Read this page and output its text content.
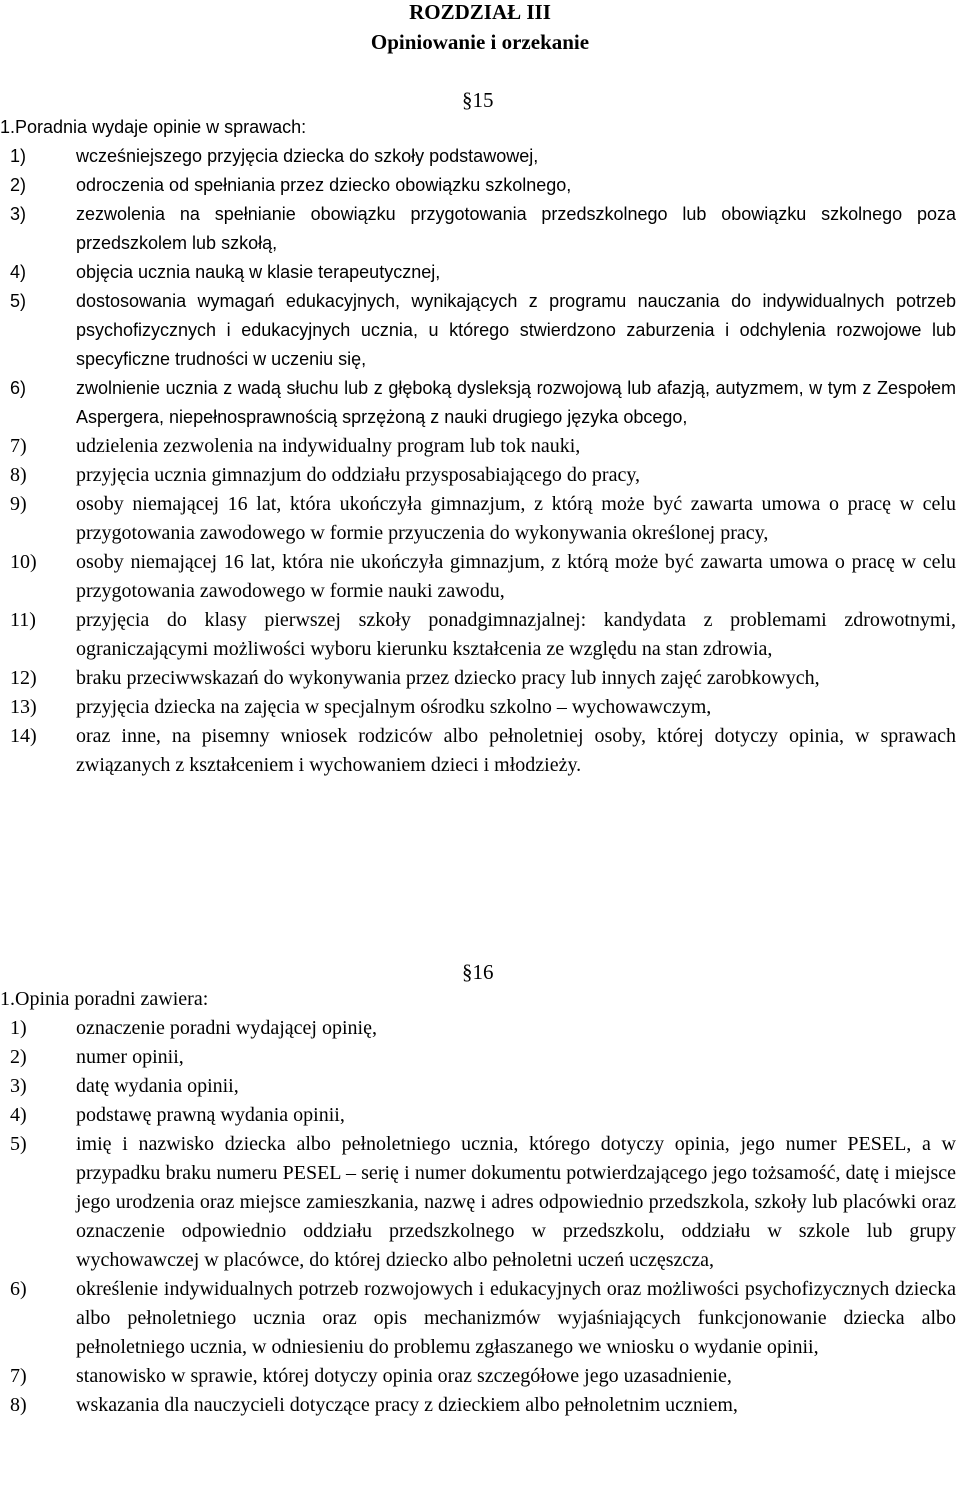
ROZDZIAŁ III
Opiniowanie i orzekanie
§15
1.Poradnia wydaje opinie w sprawach:
1)	wcześniejszego przyjęcia dziecka do szkoły podstawowej,
2)	odroczenia od spełniania przez dziecko obowiązku szkolnego,
3)	zezwolenia na spełnianie obowiązku przygotowania przedszkolnego lub obowiązku szkolnego poza przedszkolem lub szkołą,
4)	objęcia ucznia nauką w klasie terapeutycznej,
5)	dostosowania wymagań edukacyjnych, wynikających z programu nauczania do indywidualnych potrzeb psychofizycznych i edukacyjnych ucznia, u którego stwierdzono zaburzenia i odchylenia rozwojowe lub specyficzne trudności w uczeniu się,
6)	zwolnienie ucznia z wadą słuchu lub z głęboką dysleksją rozwojową lub afazją, autyzmem, w tym z Zespołem Aspergera, niepełnosprawnością sprzężoną z nauki drugiego języka obcego,
7)	udzielenia zezwolenia na indywidualny program lub tok nauki,
8)	przyjęcia ucznia gimnazjum do oddziału przysposabiającego do pracy,
9)	osoby niemającej 16 lat, która ukończyła gimnazjum, z którą może być zawarta umowa o pracę w celu przygotowania zawodowego w formie przyuczenia do wykonywania określonej pracy,
10)	osoby niemającej 16 lat, która nie ukończyła gimnazjum, z którą może być zawarta umowa o pracę w celu przygotowania zawodowego w formie nauki zawodu,
11)	przyjęcia do klasy pierwszej szkoły ponadgimnazjalnej: kandydata z problemami zdrowotnymi, ograniczającymi możliwości wyboru kierunku kształcenia ze względu na stan zdrowia,
12)	braku przeciwwskazań do wykonywania przez dziecko pracy lub innych zajęć zarobkowych,
13)	przyjęcia dziecka na zajęcia w specjalnym ośrodku szkolno – wychowawczym,
14)	oraz inne, na pisemny wniosek rodziców albo pełnoletniej osoby, której dotyczy opinia, w sprawach związanych z kształceniem i wychowaniem dzieci i młodzieży.
§16
1.Opinia poradni zawiera:
1)	oznaczenie poradni wydającej opinię,
2)	numer opinii,
3)	datę wydania opinii,
4)	podstawę prawną wydania opinii,
5)	imię i nazwisko dziecka albo pełnoletniego ucznia, którego dotyczy opinia, jego numer PESEL, a w przypadku braku numeru PESEL – serię i numer dokumentu potwierdzającego jego tożsamość, datę i miejsce jego urodzenia oraz miejsce zamieszkania, nazwę i adres odpowiednio przedszkola, szkoły lub placówki oraz oznaczenie odpowiednio oddziału przedszkolnego w przedszkolu, oddziału w szkole lub grupy wychowawczej w placówce, do której dziecko albo pełnoletni uczeń uczęszcza,
6)	określenie indywidualnych potrzeb rozwojowych i edukacyjnych oraz możliwości psychofizycznych dziecka albo pełnoletniego ucznia oraz opis mechanizmów wyjaśniających funkcjonowanie dziecka albo pełnoletniego ucznia, w odniesieniu do problemu zgłaszanego we wniosku o wydanie opinii,
7)	stanowisko w sprawie, której dotyczy opinia oraz szczegółowe jego uzasadnienie,
8)	wskazania dla nauczycieli dotyczące pracy z dzieckiem albo pełnoletnim uczniem,
